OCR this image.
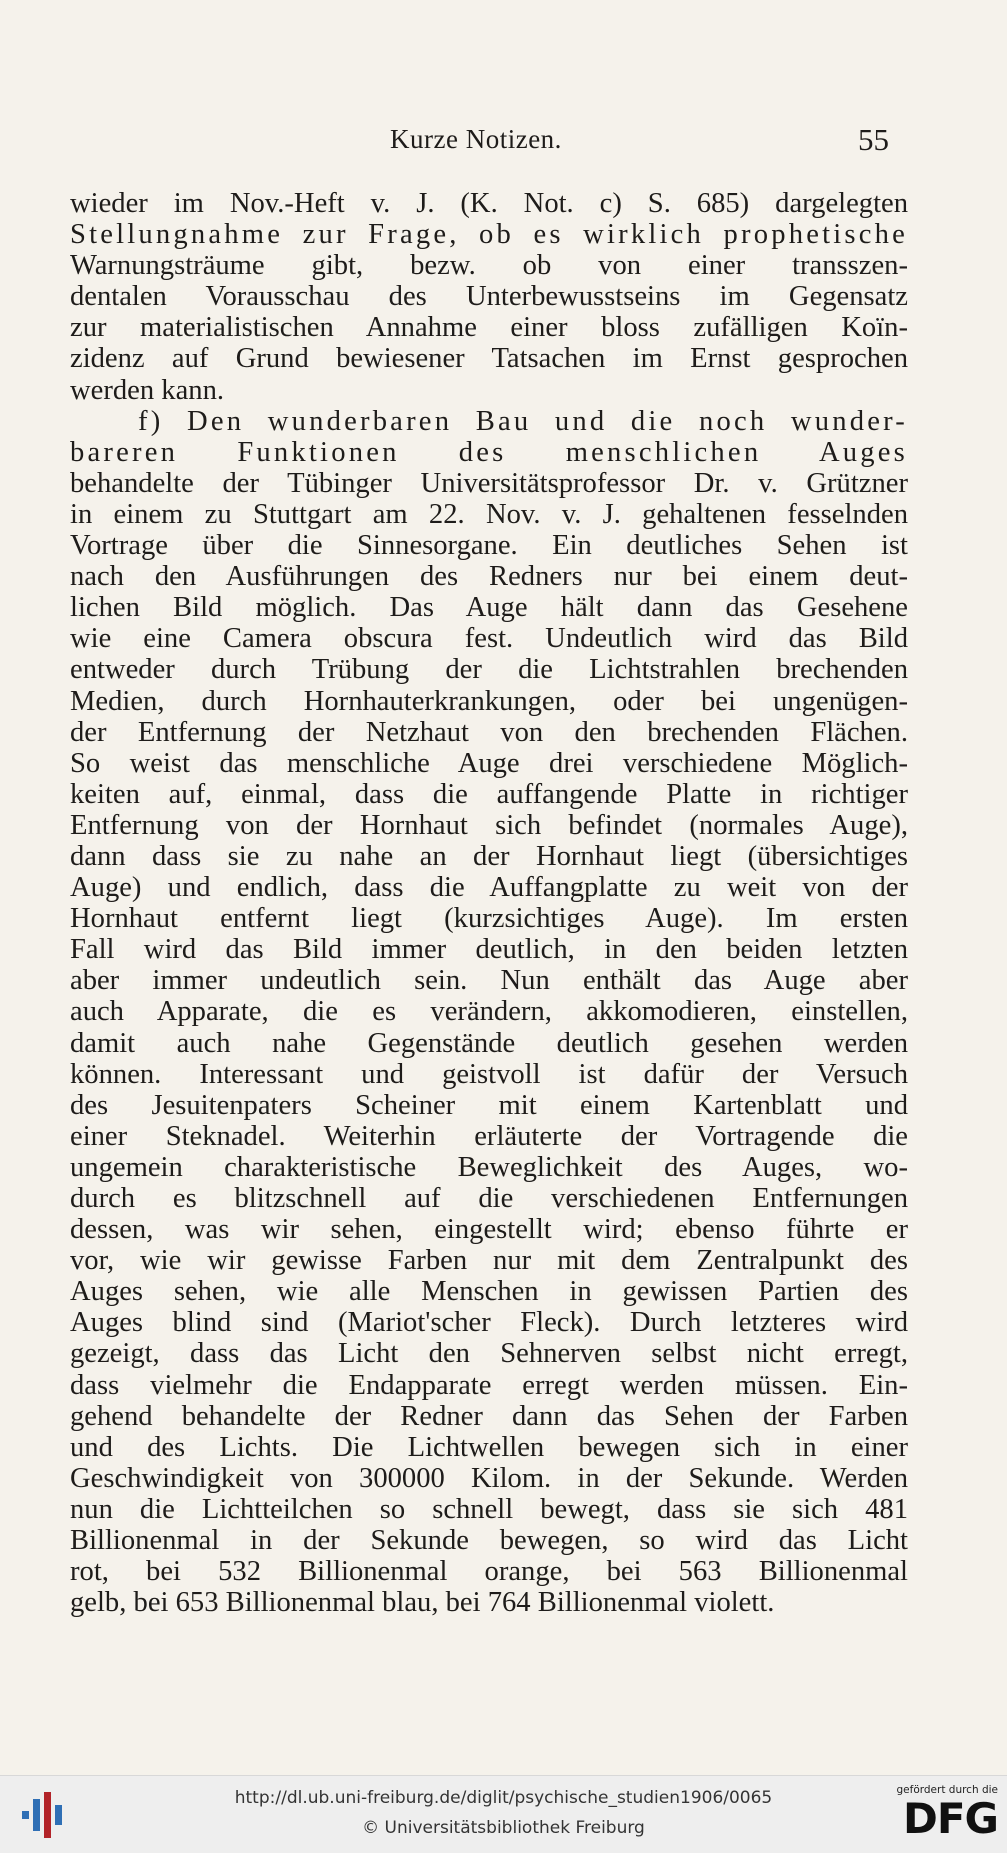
Kurze Notizen.	55
wieder im Nov.-Heft v. J. (K. Not. c) S. 685) dargelegten
Stellungnahme zur Frage, ob es wirklich prophetische
Warnungsträume gibt, bezw. ob von einer transszen-
dentalen Vorausschau des Unterbewusstseins im Gegensatz
zur materialistischen Annahme einer bloss zufälligen Koïn-
zidenz auf Grund bewiesener Tatsachen im Ernst gesprochen
werden kann.
f) Den wunderbaren Bau und die noch wunder-
bareren Funktionen des menschlichen Auges
behandelte der Tübinger Universitätsprofessor Dr. v. Grützner
in einem zu Stuttgart am 22. Nov. v. J. gehaltenen fesselnden
Vortrage über die Sinnesorgane. Ein deutliches Sehen ist
nach den Ausführungen des Redners nur bei einem deut-
lichen Bild möglich. Das Auge hält dann das Gesehene
wie eine Camera obscura fest. Undeutlich wird das Bild
entweder durch Trübung der die Lichtstrahlen brechenden
Medien, durch Hornhauterkrankungen, oder bei ungenügen-
der Entfernung der Netzhaut von den brechenden Flächen.
So weist das menschliche Auge drei verschiedene Möglich-
keiten auf, einmal, dass die auffangende Platte in richtiger
Entfernung von der Hornhaut sich befindet (normales Auge),
dann dass sie zu nahe an der Hornhaut liegt (übersichtiges
Auge) und endlich, dass die Auffangplatte zu weit von der
Hornhaut entfernt liegt (kurzsichtiges Auge). Im ersten
Fall wird das Bild immer deutlich, in den beiden letzten
aber immer undeutlich sein. Nun enthält das Auge aber
auch Apparate, die es verändern, akkomodieren, einstellen,
damit auch nahe Gegenstände deutlich gesehen werden
können. Interessant und geistvoll ist dafür der Versuch
des Jesuitenpaters Scheiner mit einem Kartenblatt und
einer Steknadel. Weiterhin erläuterte der Vortragende die
ungemein charakteristische Beweglichkeit des Auges, wo-
durch es blitzschnell auf die verschiedenen Entfernungen
dessen, was wir sehen, eingestellt wird; ebenso führte er
vor, wie wir gewisse Farben nur mit dem Zentralpunkt des
Auges sehen, wie alle Menschen in gewissen Partien des
Auges blind sind (Mariot'scher Fleck). Durch letzteres wird
gezeigt, dass das Licht den Sehnerven selbst nicht erregt,
dass vielmehr die Endapparate erregt werden müssen. Ein-
gehend behandelte der Redner dann das Sehen der Farben
und des Lichts. Die Lichtwellen bewegen sich in einer
Geschwindigkeit von 300000 Kilom. in der Sekunde. Werden
nun die Lichtteilchen so schnell bewegt, dass sie sich 481
Billionenmal in der Sekunde bewegen, so wird das Licht
rot, bei 532 Billionenmal orange, bei 563 Billionenmal
gelb, bei 653 Billionenmal blau, bei 764 Billionenmal violett.
http://dl.ub.uni-freiburg.de/diglit/psychische_studien1906/0065
© Universitätsbibliothek Freiburg
gefördert durch die
DFG
